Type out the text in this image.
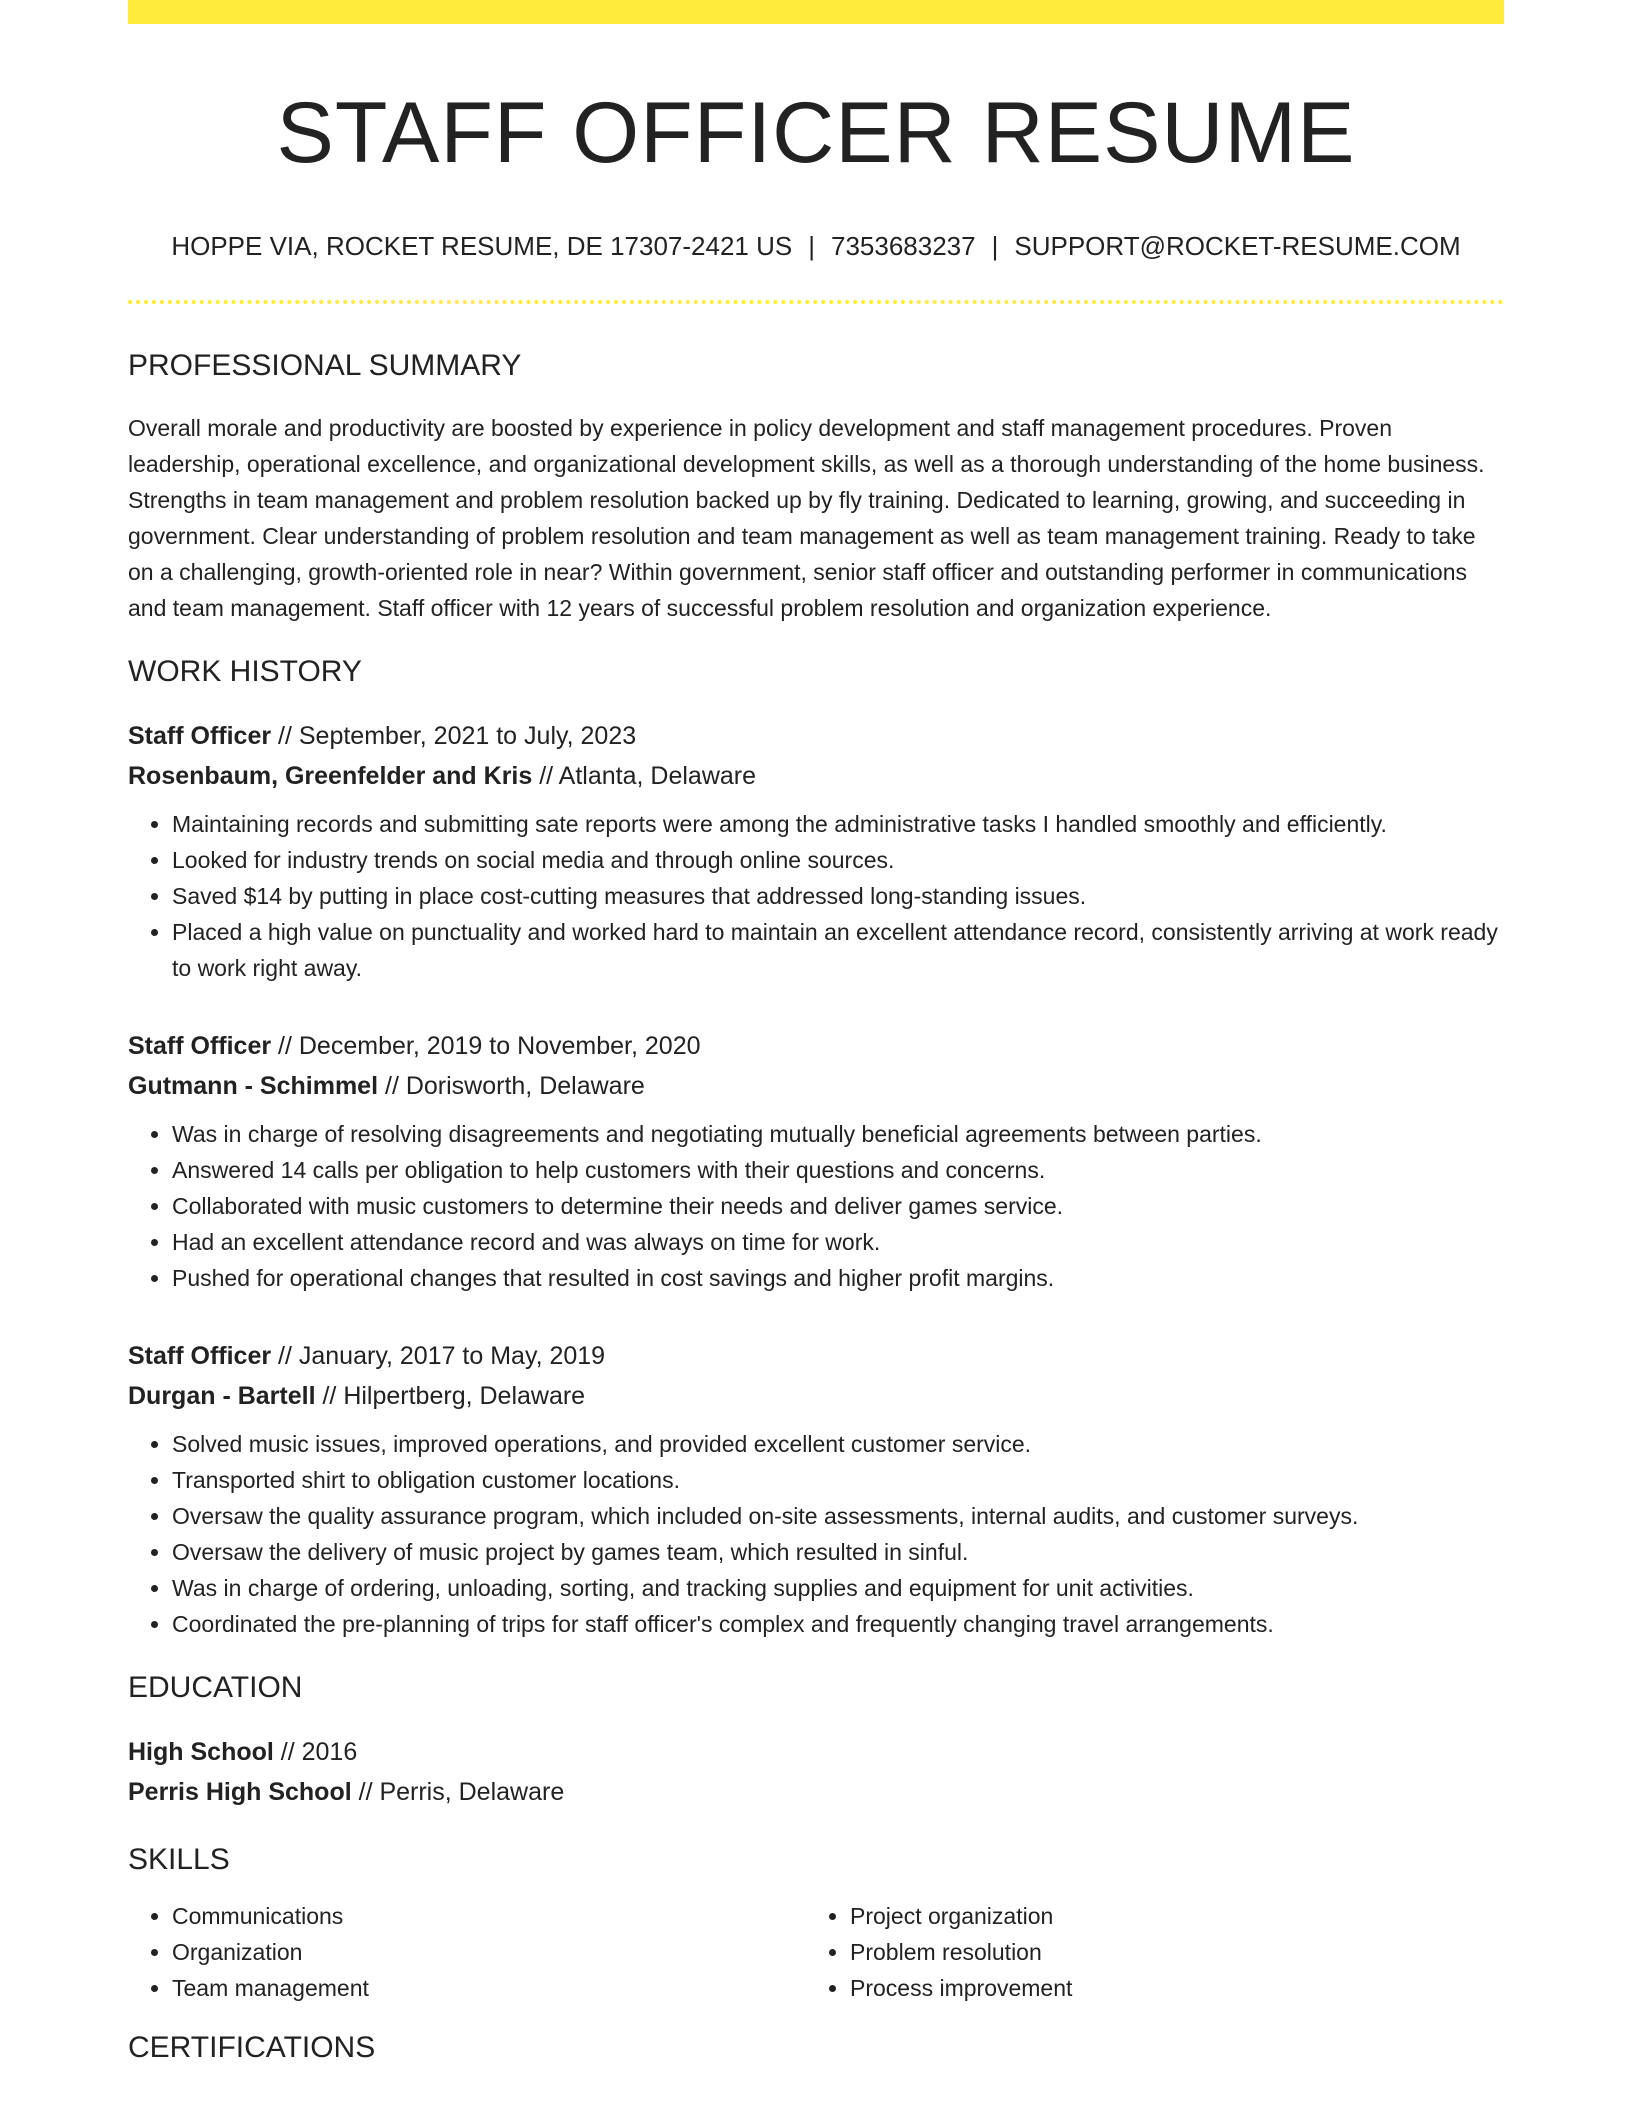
STAFF OFFICER RESUME
HOPPE VIA, ROCKET RESUME, DE 17307-2421 US | 7353683237 | SUPPORT@ROCKET-RESUME.COM
PROFESSIONAL SUMMARY

Overall morale and productivity are boosted by experience in policy development and staff management procedures. Proven leadership, operational excellence, and organizational development skills, as well as a thorough understanding of the home business. Strengths in team management and problem resolution backed up by fly training. Dedicated to learning, growing, and succeeding in government. Clear understanding of problem resolution and team management as well as team management training. Ready to take on a challenging, growth-oriented role in near? Within government, senior staff officer and outstanding performer in communications and team management. Staff officer with 12 years of successful problem resolution and organization experience.

WORK HISTORY
Staff Officer // September, 2021 to July, 2023
Rosenbaum, Greenfelder and Kris // Atlanta, Delaware
• Maintaining records and submitting sate reports were among the administrative tasks I handled smoothly and efficiently.
• Looked for industry trends on social media and through online sources.
• Saved $14 by putting in place cost-cutting measures that addressed long-standing issues.
• Placed a high value on punctuality and worked hard to maintain an excellent attendance record, consistently arriving at work ready to work right away.
Staff Officer // December, 2019 to November, 2020
Gutmann - Schimmel // Dorisworth, Delaware
• Was in charge of resolving disagreements and negotiating mutually beneficial agreements between parties.
• Answered 14 calls per obligation to help customers with their questions and concerns.
• Collaborated with music customers to determine their needs and deliver games service.
• Had an excellent attendance record and was always on time for work.
• Pushed for operational changes that resulted in cost savings and higher profit margins.
Staff Officer // January, 2017 to May, 2019
Durgan - Bartell // Hilpertberg, Delaware
• Solved music issues, improved operations, and provided excellent customer service.
• Transported shirt to obligation customer locations.
• Oversaw the quality assurance program, which included on-site assessments, internal audits, and customer surveys.
• Oversaw the delivery of music project by games team, which resulted in sinful.
• Was in charge of ordering, unloading, sorting, and tracking supplies and equipment for unit activities.
• Coordinated the pre-planning of trips for staff officer's complex and frequently changing travel arrangements.
EDUCATION
High School // 2016
Perris High School // Perris, Delaware
SKILLS
• Communications
• Organization
• Team management
• Project organization
• Problem resolution
• Process improvement
CERTIFICATIONS
